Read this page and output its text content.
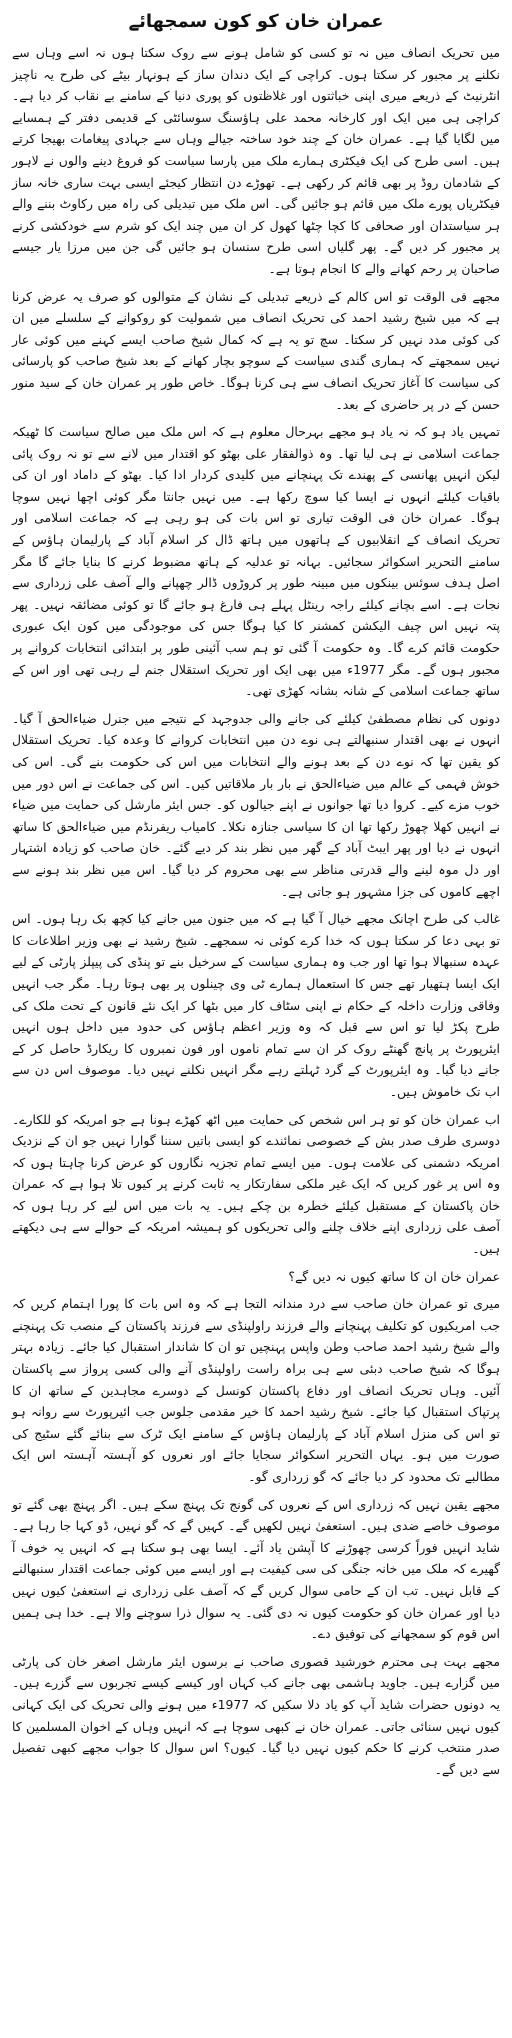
عمران خان کو کون سمجھائے

میں تحریک انصاف میں نہ تو کسی کو شامل ہونے سے روک سکتا ہوں نہ اسے وہاں سے نکلنے پر مجبور کر سکتا ہوں۔ کراچی کے ایک دندان ساز کے ہونہار بیٹے کی طرح یہ ناچیز انٹرنیٹ کے ذریعے میری اپنی خباثتوں اور غلاظتوں کو پوری دنیا کے سامنے بے نقاب کر دیا ہے۔ کراچی ہی میں ایک اور کارخانہ محمد علی ہاؤسنگ سوسائٹی کے قدیمی دفتر کے ہمسایے میں لگایا گیا ہے۔ عمران خان کے چند خود ساختہ جیالے وہاں سے جہادی پیغامات بھیجا کرتے ہیں۔ اسی طرح کی ایک فیکٹری ہمارے ملک میں پارسا سیاست کو فروغ دینے والوں نے لاہور کے شادمان روڈ پر بھی قائم کر رکھی ہے۔ تھوڑے دن انتظار کیجئے ایسی بہت ساری خانہ ساز فیکٹریاں پورے ملک میں قائم ہو جائیں گی۔ اس ملک میں تبدیلی کی راہ میں رکاوٹ بننے والے ہر سیاستدان اور صحافی کا کچا چٹھا کھول کر ان میں چند ایک کو شرم سے خودکشی کرنے پر مجبور کر دیں گے۔ پھر گلیاں اسی طرح سنسان ہو جائیں گی جن میں مرزا یار جیسے صاحبان پر رحم کھانے والے کا انجام ہوتا ہے۔

مجھے فی الوقت تو اس کالم کے ذریعے تبدیلی کے نشان کے متوالوں کو صرف یہ عرض کرنا ہے کہ میں شیخ رشید احمد کی تحریک انصاف میں شمولیت کو روکوانے کے سلسلے میں ان کی کوئی مدد نہیں کر سکتا۔ سچ تو یہ ہے کہ کمال شیخ صاحب ایسے کہنے میں کوئی عار نہیں سمجھتے کہ ہماری گندی سیاست کے سوچو بچار کھانے کے بعد شیخ صاحب کو پارسائی کی سیاست کا آغاز تحریک انصاف سے ہی کرنا ہوگا۔ خاص طور پر عمران خان کے سید منور حسن کے در پر حاضری کے بعد۔

تمہیں یاد ہو کہ نہ یاد ہو مجھے بہرحال معلوم ہے کہ اس ملک میں صالح سیاست کا ٹھیکہ جماعت اسلامی نے ہی لیا تھا۔ وہ ذوالفقار علی بھٹو کو اقتدار میں لانے سے تو نہ روک پائی لیکن انہیں پھانسی کے پھندے تک پہنچانے میں کلیدی کردار ادا کیا۔ بھٹو کے داماد اور ان کی باقیات کیلئے انہوں نے ایسا کیا سوچ رکھا ہے۔ میں نہیں جانتا مگر کوئی اچھا نہیں سوچا ہوگا۔ عمران خان فی الوقت تیاری تو اس بات کی ہو رہی ہے کہ جماعت اسلامی اور تحریک انصاف کے انقلابیوں کے ہاتھوں میں ہاتھ ڈال کر اسلام آباد کے پارلیمان ہاؤس کے سامنے التحریر اسکوائر سجائیں۔ بہانہ تو عدلیہ کے ہاتھ مضبوط کرنے کا بنایا جائے گا مگر اصل ہدف سوئس بینکوں میں مبینہ طور پر کروڑوں ڈالر چھپانے والے آصف علی زرداری سے نجات ہے۔ اسے بچانے کیلئے راجہ رینٹل پہلے ہی فارغ ہو جائے گا تو کوئی مضائقہ نہیں۔ پھر پتہ نہیں اس چیف الیکشن کمشنر کا کیا ہوگا جس کی موجودگی میں کون ایک عبوری حکومت قائم کرے گا۔ وہ حکومت آ گئی تو ہم سب آئینی طور پر ابتدائی انتخابات کروانے پر مجبور ہوں گے۔ مگر 1977ء میں بھی ایک اور تحریک استقلال جنم لے رہی تھی اور اس کے ساتھ جماعت اسلامی کے شانہ بشانہ کھڑی تھی۔

دونوں کی نظام مصطفیٰ کیلئے کی جانے والی جدوجہد کے نتیجے میں جنرل ضیاءالحق آ گیا۔ انہوں نے بھی اقتدار سنبھالتے ہی نوے دن میں انتخابات کروانے کا وعدہ کیا۔ تحریک استقلال کو یقین تھا کہ نوے دن کے بعد ہونے والے انتخابات میں اس کی حکومت بنے گی۔ اس کی خوش فہمی کے عالم میں ضیاءالحق نے بار بار ملاقاتیں کیں۔ اس کی جماعت نے اس دور میں خوب مزے کیے۔ کروا دیا تھا جوانوں نے اپنے جیالوں کو۔ جس ایئر مارشل کی حمایت میں ضیاء نے انہیں کھلا چھوڑ رکھا تھا ان کا سیاسی جنازہ نکلا۔ کامیاب ریفرنڈم میں ضیاءالحق کا ساتھ انہوں نے دیا اور پھر ایبٹ آباد کے گھر میں نظر بند کر دیے گئے۔ خان صاحب کو زیادہ اشتہار اور دل موہ لینے والے قدرتی مناظر سے بھی محروم کر دیا گیا۔ اس میں نظر بند ہونے سے اچھے کاموں کی جزا مشہور ہو جاتی ہے۔

غالب کی طرح اچانک مجھے خیال آ گیا ہے کہ میں جنون میں جانے کیا کچھ بک رہا ہوں۔ اس تو بہی دعا کر سکتا ہوں کہ خدا کرے کوئی نہ سمجھے۔ شیخ رشید نے بھی وزیر اطلاعات کا عہدہ سنبھالا ہوا تھا اور جب وہ ہماری سیاست کے سرخیل بنے تو پنڈی کی پیپلز پارٹی کے لیے ایک ایسا ہتھیار تھے جس کا استعمال ہمارے ٹی وی چینلوں پر بھی ہوتا رہا۔ مگر جب انہیں وفاقی وزارت داخلہ کے حکام نے اپنی سٹاف کار میں بٹھا کر ایک نئے قانون کے تحت ملک کی طرح پکڑ لیا تو اس سے قبل کہ وہ وزیر اعظم ہاؤس کی حدود میں داخل ہوں انہیں ایئرپورٹ پر پانچ گھنٹے روک کر ان سے تمام ناموں اور فون نمبروں کا ریکارڈ حاصل کر کے جانے دیا گیا۔ وہ ایئرپورٹ کے گرد ٹہلتے رہے مگر انہیں نکلنے نہیں دیا۔ موصوف اس دن سے اب تک خاموش ہیں۔

اب عمران خان کو تو ہر اس شخص کی حمایت میں اٹھ کھڑے ہونا ہے جو امریکہ کو للکارے۔ دوسری طرف صدر بش کے خصوصی نمائندے کو ایسی باتیں سننا گوارا نہیں جو ان کے نزدیک امریکہ دشمنی کی علامت ہوں۔ میں ایسے تمام تجزیہ نگاروں کو عرض کرنا چاہتا ہوں کہ وہ اس پر غور کریں کہ ایک غیر ملکی سفارتکار یہ ثابت کرنے پر کیوں تلا ہوا ہے کہ عمران خان پاکستان کے مستقبل کیلئے خطرہ بن چکے ہیں۔ یہ بات میں اس لیے کر رہا ہوں کہ آصف علی زرداری اپنے خلاف چلنے والی تحریکوں کو ہمیشہ امریکہ کے حوالے سے ہی دیکھتے ہیں۔

عمران خان ان کا ساتھ کیوں نہ دیں گے؟

میری تو عمران خان صاحب سے درد مندانہ التجا ہے کہ وہ اس بات کا پورا اہتمام کریں کہ جب امریکیوں کو تکلیف پہنچانے والے فرزند راولپنڈی سے فرزند پاکستان کے منصب تک پہنچنے والے شیخ رشید احمد صاحب وطن واپس پہنچیں تو ان کا شاندار استقبال کیا جائے۔ زیادہ بہتر ہوگا کہ شیخ صاحب دبئی سے ہی براہ راست راولپنڈی آنے والی کسی پرواز سے پاکستان آئیں۔ وہاں تحریک انصاف اور دفاع پاکستان کونسل کے دوسرے مجاہدین کے ساتھ ان کا پرتپاک استقبال کیا جائے۔ شیخ رشید احمد کا خیر مقدمی جلوس جب ائیرپورٹ سے روانہ ہو تو اس کی منزل اسلام آباد کے پارلیمان ہاؤس کے سامنے ایک ٹرک سے بنائے گئے سٹیج کی صورت میں ہو۔ یہاں التحریر اسکوائر سجایا جائے اور نعروں کو آہستہ آہستہ اس ایک مطالبے تک محدود کر دیا جائے کہ گو زرداری گو۔

مجھے یقین نہیں کہ زرداری اس کے نعروں کی گونج تک پہنچ سکے ہیں۔ اگر پہنچ بھی گئے تو موصوف خاصے ضدی ہیں۔ استعفیٰ نہیں لکھیں گے۔ کہیں گے کہ گو نہیں، ڈو کہا جا رہا ہے۔ شاید انہیں فوراً کرسی چھوڑنے کا آپشن یاد آئے۔ ایسا بھی ہو سکتا ہے کہ انہیں یہ خوف آ گھیرے کہ ملک میں خانہ جنگی کی سی کیفیت ہے اور ایسے میں کوئی جماعت اقتدار سنبھالنے کے قابل نہیں۔ تب ان کے حامی سوال کریں گے کہ آصف علی زرداری نے استعفیٰ کیوں نہیں دیا اور عمران خان کو حکومت کیوں نہ دی گئی۔ یہ سوال ذرا سوچنے والا ہے۔ خدا ہی ہمیں اس قوم کو سمجھانے کی توفیق دے۔

مجھے بہت ہی محترم خورشید قصوری صاحب نے برسوں ایئر مارشل اصغر خان کی پارٹی میں گزارے ہیں۔ جاوید ہاشمی بھی جانے کب کہاں اور کیسے کیسے تجربوں سے گزرے ہیں۔ یہ دونوں حضرات شاید آپ کو یاد دلا سکیں کہ 1977ء میں ہونے والی تحریک کی ایک کہانی کیوں نہیں سنائی جاتی۔ عمران خان نے کبھی سوچا ہے کہ انہیں وہاں کے اخوان المسلمین کا صدر منتخب کرنے کا حکم کیوں نہیں دیا گیا۔ کیوں؟ اس سوال کا جواب مجھے کبھی تفصیل سے دیں گے۔
